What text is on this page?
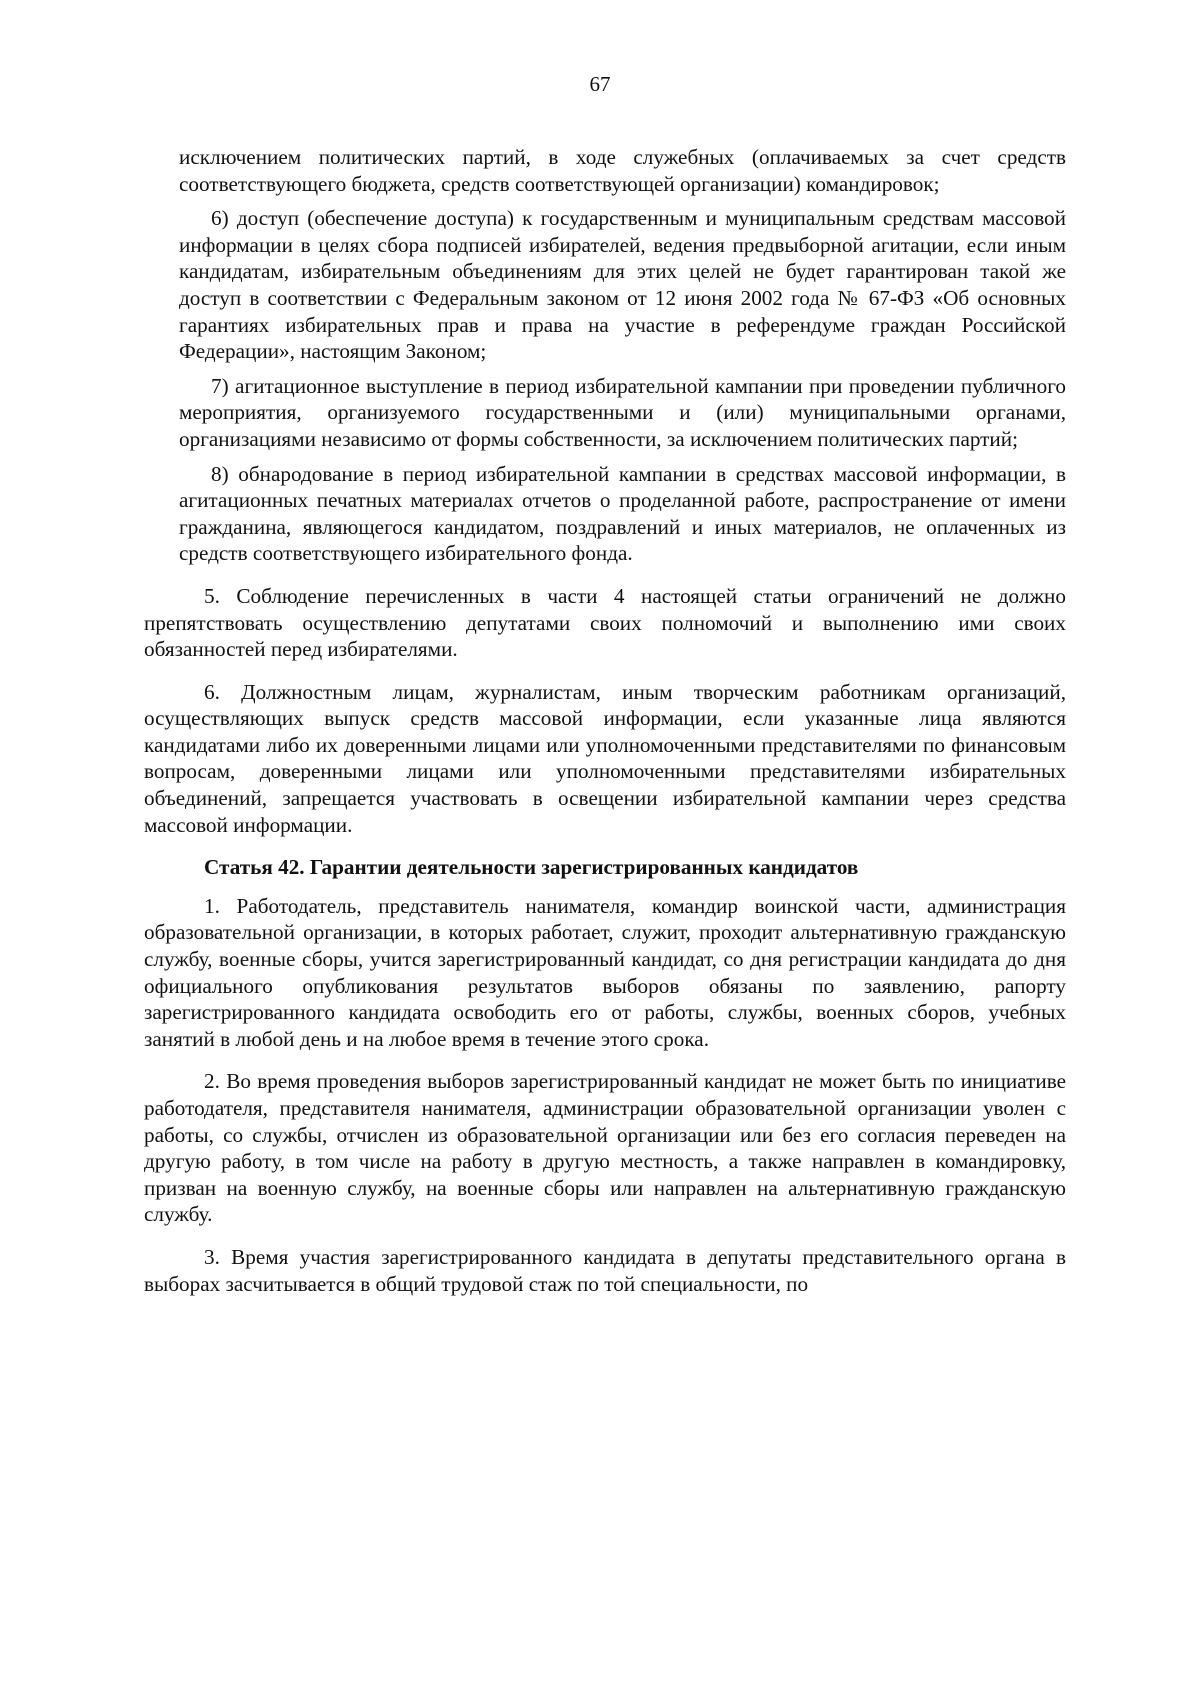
67

исключением политических партий, в ходе служебных (оплачиваемых за счет средств соответствующего бюджета, средств соответствующей организации) командировок;

6) доступ (обеспечение доступа) к государственным и муниципальным средствам массовой информации в целях сбора подписей избирателей, ведения предвыборной агитации, если иным кандидатам, избирательным объединениям для этих целей не будет гарантирован такой же доступ в соответствии с Федеральным законом от 12 июня 2002 года № 67-ФЗ «Об основных гарантиях избирательных прав и права на участие в референдуме граждан Российской Федерации», настоящим Законом;

7) агитационное выступление в период избирательной кампании при проведении публичного мероприятия, организуемого государственными и (или) муниципальными органами, организациями независимо от формы собственности, за исключением политических партий;

8) обнародование в период избирательной кампании в средствах массовой информации, в агитационных печатных материалах отчетов о проделанной работе, распространение от имени гражданина, являющегося кандидатом, поздравлений и иных материалов, не оплаченных из средств соответствующего избирательного фонда.

5. Соблюдение перечисленных в части 4 настоящей статьи ограничений не должно препятствовать осуществлению депутатами своих полномочий и выполнению ими своих обязанностей перед избирателями.

6. Должностным лицам, журналистам, иным творческим работникам организаций, осуществляющих выпуск средств массовой информации, если указанные лица являются кандидатами либо их доверенными лицами или уполномоченными представителями по финансовым вопросам, доверенными лицами или уполномоченными представителями избирательных объединений, запрещается участвовать в освещении избирательной кампании через средства массовой информации.

Статья 42. Гарантии деятельности зарегистрированных кандидатов

1. Работодатель, представитель нанимателя, командир воинской части, администрация образовательной организации, в которых работает, служит, проходит альтернативную гражданскую службу, военные сборы, учится зарегистрированный кандидат, со дня регистрации кандидата до дня официального опубликования результатов выборов обязаны по заявлению, рапорту зарегистрированного кандидата освободить его от работы, службы, военных сборов, учебных занятий в любой день и на любое время в течение этого срока.

2. Во время проведения выборов зарегистрированный кандидат не может быть по инициативе работодателя, представителя нанимателя, администрации образовательной организации уволен с работы, со службы, отчислен из образовательной организации или без его согласия переведен на другую работу, в том числе на работу в другую местность, а также направлен в командировку, призван на военную службу, на военные сборы или направлен на альтернативную гражданскую службу.

3. Время участия зарегистрированного кандидата в депутаты представительного органа в выборах засчитывается в общий трудовой стаж по той специальности, по
